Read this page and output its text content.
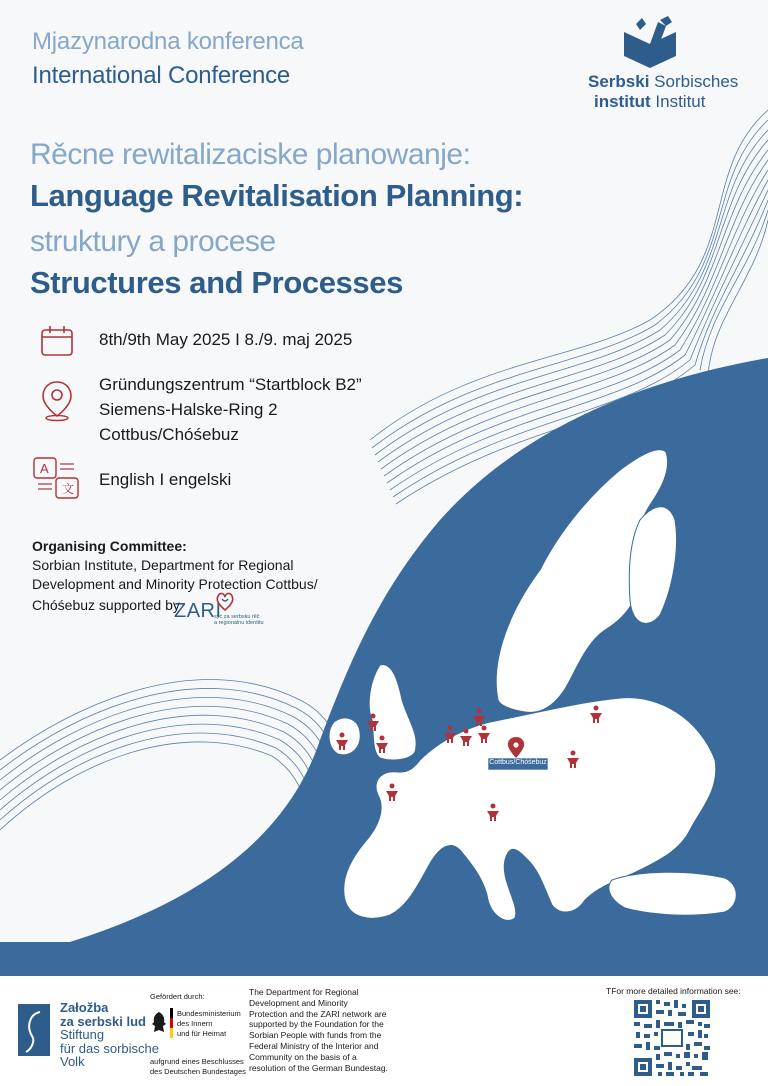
Mjazynarodna konferenca
International Conference	Serbski Sorbisches
institut Institut
Rěcne rewitalizaciske planowanje:
Language Revitalisation Planning:
struktury a procese
Structures and Processes
8th/9th May 2025 I 8./9. maj 2025
Gründungszentrum “Startblock B2”
Siemens-Halske-Ring 2
Cottbus/Chóśebuz
A
文 English I engelski
Organising Committee:
Sorbian Institute, Department for Regional
Development and Minority Protection Cottbus/
Chóśebuz supported by
ZARI
syć za serbsku rěč
a regionalnu identitu
Cottbus/Chóśebuz
Załožba
za serbski lud
Stiftung
für das sorbische
Volk
Gefördert durch:
Bundesministerium
des Innern
und für Heimat
aufgrund eines Beschlusses
des Deutschen Bundestages
The Department for Regional
Development and Minority
Protection and the ZARI network are
supported by the Foundation for the
Sorbian People with funds from the
Federal Ministry of the Interior and
Community on the basis of a
resolution of the German Bundestag.
TFor more detailed information see:
